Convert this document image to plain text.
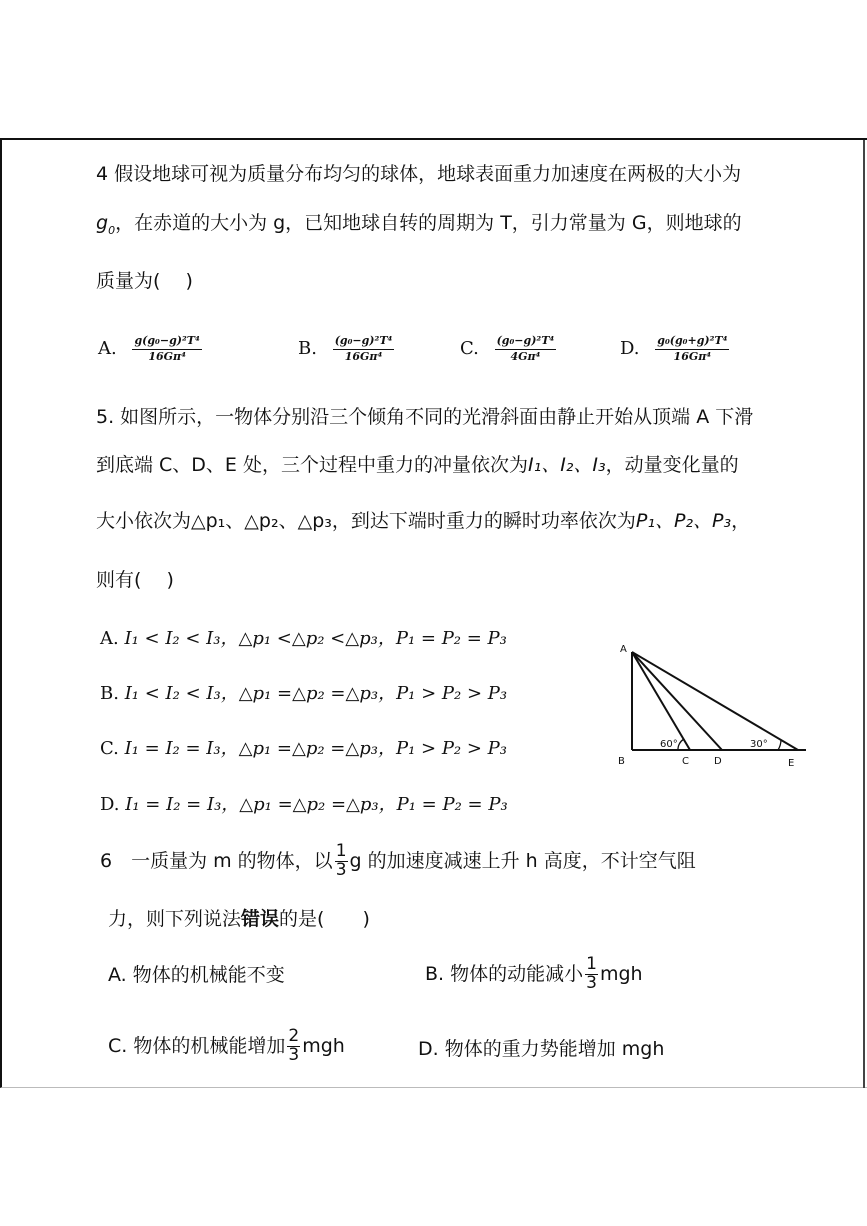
4 假设地球可视为质量分布均匀的球体，地球表面重力加速度在两极的大小为
$g_0$，在赤道的大小为 g，已知地球自转的周期为 T，引力常量为 G，则地球的
质量为(　 )
A. $\frac{\text{g(g₀−g)²T⁴}}{\text{16Gπ⁴}}$	B. $\frac{\text{(g₀−g)²T⁴}}{\text{16Gπ⁴}}$	C. $\frac{\text{(g₀−g)²T⁴}}{\text{4Gπ⁴}}$	D. $\frac{\text{g₀(g₀+g)²T⁴}}{\text{16Gπ⁴}}$
5. 如图所示，一物体分别沿三个倾角不同的光滑斜面由静止开始从顶端 A 下滑
到底端 C、D、E 处，三个过程中重力的冲量依次为I₁、I₂、I₃，动量变化量的
大小依次为△p₁、△p₂、△p₃，到达下端时重力的瞬时功率依次为P₁、P₂、P₃，
则有(　 )
A. I₁ < I₂ < I₃，△p₁ <△p₂ <△p₃，P₁ = P₂ = P₃
B. I₁ < I₂ < I₃，△p₁ =△p₂ =△p₃，P₁ > P₂ > P₃
C. I₁ = I₂ = I₃，△p₁ =△p₂ =△p₃，P₁ > P₂ > P₃
D. I₁ = I₂ = I₃，△p₁ =△p₂ =△p₃，P₁ = P₂ = P₃
A
B	C	D	E
60°	30°
6　一质量为 m 的物体，以 $\frac{1}{3}$ g 的加速度减速上升 h 高度，不计空气阻
力，则下列说法错误的是(　　)
A. 物体的机械能不变	B. 物体的动能减小 $\frac{1}{3}$ mgh
C. 物体的机械能增加 $\frac{2}{3}$ mgh	D. 物体的重力势能增加 mgh
